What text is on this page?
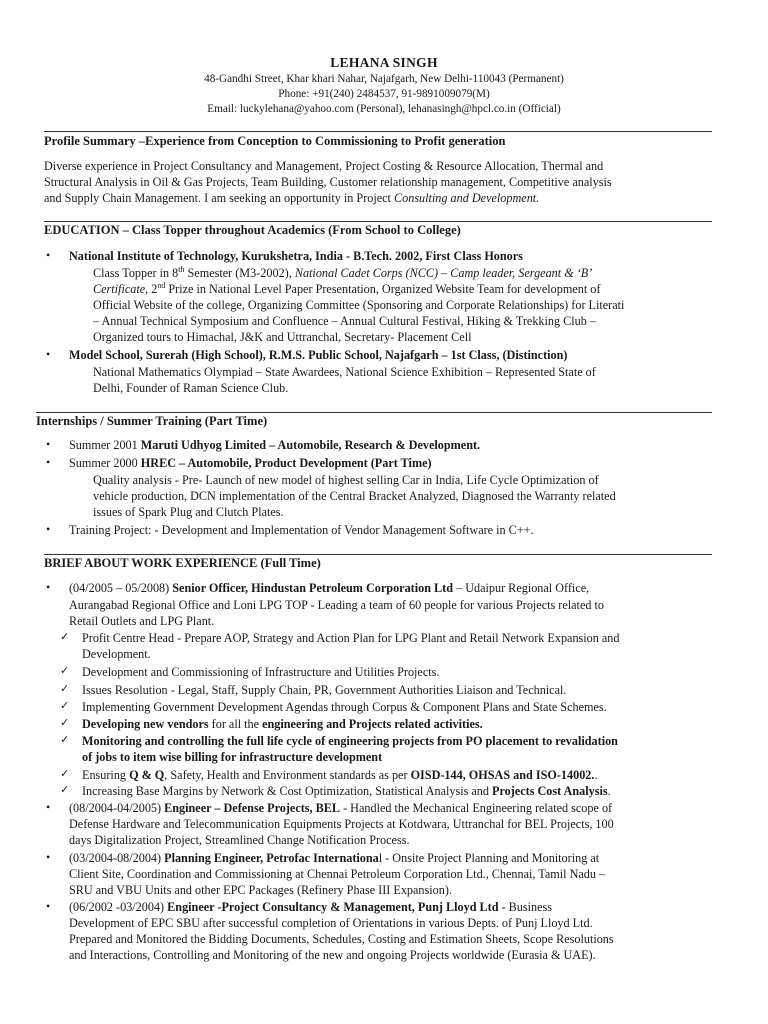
LEHANA SINGH
48-Gandhi Street, Khar khari Nahar, Najafgarh, New Delhi-110043 (Permanent)
Phone: +91(240) 2484537, 91-9891009079(M)
Email: luckylehana@yahoo.com (Personal), lehanasingh@hpcl.co.in (Official)
Profile Summary –Experience from Conception to Commissioning to Profit generation
Diverse experience in Project Consultancy and Management, Project Costing & Resource Allocation, Thermal and
Structural Analysis in Oil & Gas Projects, Team Building, Customer relationship management, Competitive analysis
and Supply Chain Management. I am seeking an opportunity in Project Consulting and Development.
EDUCATION – Class Topper throughout Academics (From School to College)
• National Institute of Technology, Kurukshetra, India - B.Tech. 2002, First Class Honors
Class Topper in 8th Semester (M3-2002), National Cadet Corps (NCC) – Camp leader, Sergeant & ‘B’
Certificate, 2nd Prize in National Level Paper Presentation, Organized Website Team for development of
Official Website of the college, Organizing Committee (Sponsoring and Corporate Relationships) for Literati
– Annual Technical Symposium and Confluence – Annual Cultural Festival, Hiking & Trekking Club –
Organized tours to Himachal, J&K and Uttranchal, Secretary- Placement Cell
• Model School, Surerah (High School), R.M.S. Public School, Najafgarh – 1st Class, (Distinction)
National Mathematics Olympiad – State Awardees, National Science Exhibition – Represented State of
Delhi, Founder of Raman Science Club.
Internships / Summer Training (Part Time)
• Summer 2001 Maruti Udhyog Limited – Automobile, Research & Development.
• Summer 2000 HREC – Automobile, Product Development (Part Time)
Quality analysis - Pre- Launch of new model of highest selling Car in India, Life Cycle Optimization of
vehicle production, DCN implementation of the Central Bracket Analyzed, Diagnosed the Warranty related
issues of Spark Plug and Clutch Plates.
• Training Project: - Development and Implementation of Vendor Management Software in C++.
BRIEF ABOUT WORK EXPERIENCE (Full Time)
• (04/2005 – 05/2008) Senior Officer, Hindustan Petroleum Corporation Ltd – Udaipur Regional Office,
Aurangabad Regional Office and Loni LPG TOP - Leading a team of 60 people for various Projects related to
Retail Outlets and LPG Plant.
✓ Profit Centre Head - Prepare AOP, Strategy and Action Plan for LPG Plant and Retail Network Expansion and
Development.
✓ Development and Commissioning of Infrastructure and Utilities Projects.
✓ Issues Resolution - Legal, Staff, Supply Chain, PR, Government Authorities Liaison and Technical.
✓ Implementing Government Development Agendas through Corpus & Component Plans and State Schemes.
✓ Developing new vendors for all the engineering and Projects related activities.
✓ Monitoring and controlling the full life cycle of engineering projects from PO placement to revalidation
of jobs to item wise billing for infrastructure development
✓ Ensuring Q & Q, Safety, Health and Environment standards as per OISD-144, OHSAS and ISO-14002..
✓ Increasing Base Margins by Network & Cost Optimization, Statistical Analysis and Projects Cost Analysis.
• (08/2004-04/2005) Engineer – Defense Projects, BEL - Handled the Mechanical Engineering related scope of
Defense Hardware and Telecommunication Equipments Projects at Kotdwara, Uttranchal for BEL Projects, 100
days Digitalization Project, Streamlined Change Notification Process.
• (03/2004-08/2004) Planning Engineer, Petrofac International - Onsite Project Planning and Monitoring at
Client Site, Coordination and Commissioning at Chennai Petroleum Corporation Ltd., Chennai, Tamil Nadu –
SRU and VBU Units and other EPC Packages (Refinery Phase III Expansion).
• (06/2002 -03/2004) Engineer -Project Consultancy & Management, Punj Lloyd Ltd - Business
Development of EPC SBU after successful completion of Orientations in various Depts. of Punj Lloyd Ltd.
Prepared and Monitored the Bidding Documents, Schedules, Costing and Estimation Sheets, Scope Resolutions
and Interactions, Controlling and Monitoring of the new and ongoing Projects worldwide (Eurasia & UAE).
